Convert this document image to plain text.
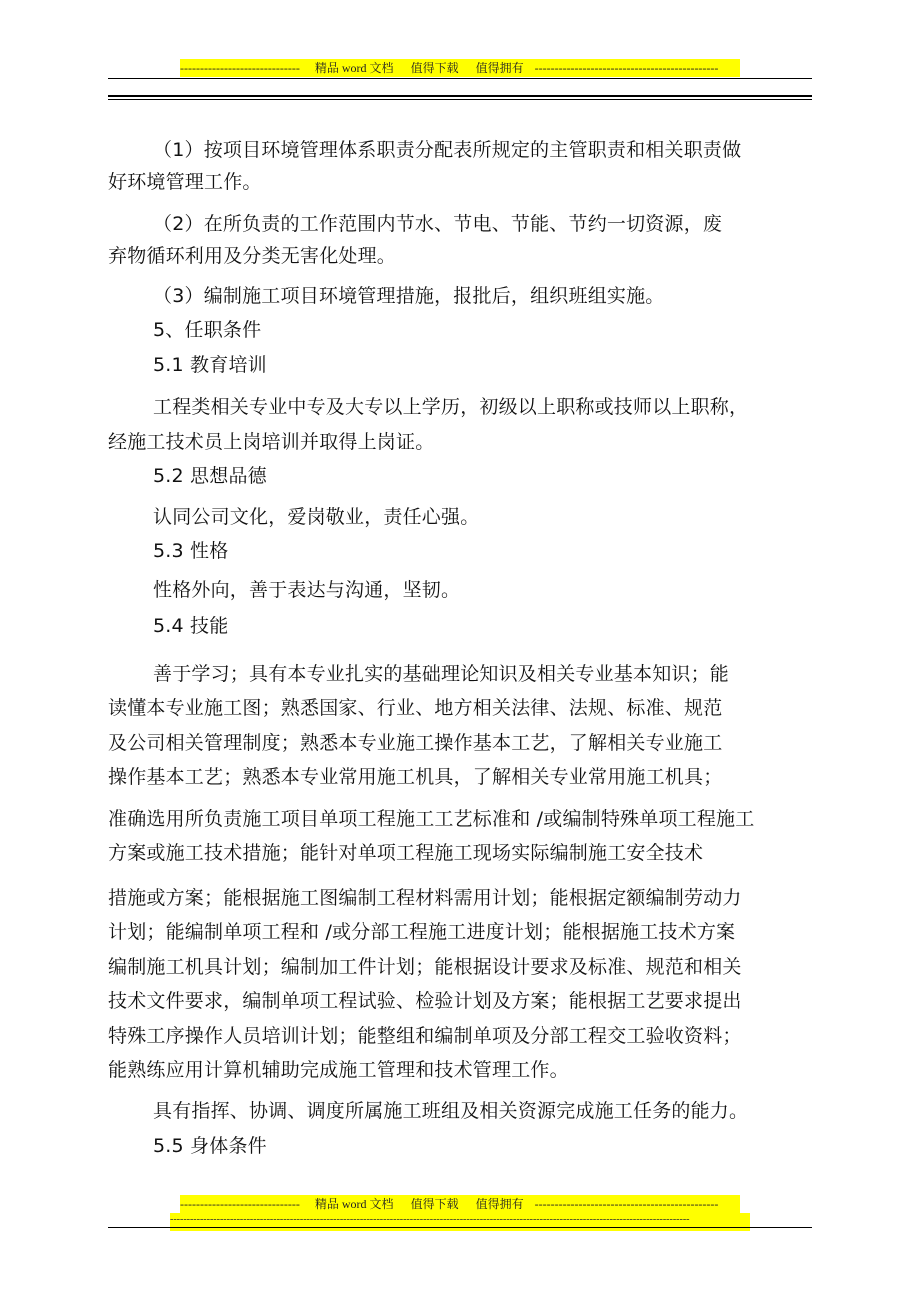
------------------------------ 精品 word 文档 值得下载 值得拥有 ----------------------------------------------
（1）按项目环境管理体系职责分配表所规定的主管职责和相关职责做
好环境管理工作。
（2）在所负责的工作范围内节水、节电、节能、节约一切资源，废
弃物循环利用及分类无害化处理。
（3）编制施工项目环境管理措施，报批后，组织班组实施。
5、任职条件
5.1 教育培训
工程类相关专业中专及大专以上学历，初级以上职称或技师以上职称，
经施工技术员上岗培训并取得上岗证。
5.2 思想品德
认同公司文化，爱岗敬业，责任心强。
5.3 性格
性格外向，善于表达与沟通，坚韧。
5.4 技能
善于学习；具有本专业扎实的基础理论知识及相关专业基本知识；能
读懂本专业施工图；熟悉国家、行业、地方相关法律、法规、标准、规范
及公司相关管理制度；熟悉本专业施工操作基本工艺，了解相关专业施工
操作基本工艺；熟悉本专业常用施工机具，了解相关专业常用施工机具；
准确选用所负责施工项目单项工程施工工艺标准和 /或编制特殊单项工程施工
方案或施工技术措施；能针对单项工程施工现场实际编制施工安全技术
措施或方案；能根据施工图编制工程材料需用计划；能根据定额编制劳动力
计划；能编制单项工程和 /或分部工程施工进度计划；能根据施工技术方案
编制施工机具计划；编制加工件计划；能根据设计要求及标准、规范和相关
技术文件要求，编制单项工程试验、检验计划及方案；能根据工艺要求提出
特殊工序操作人员培训计划；能整组和编制单项及分部工程交工验收资料；
能熟练应用计算机辅助完成施工管理和技术管理工作。
具有指挥、协调、调度所属施工班组及相关资源完成施工任务的能力。
5.5 身体条件
------------------------------ 精品 word 文档 值得下载 值得拥有 ----------------------------------------------
------------------------------------------------------------------------------------------------------------------------------------------------------------
